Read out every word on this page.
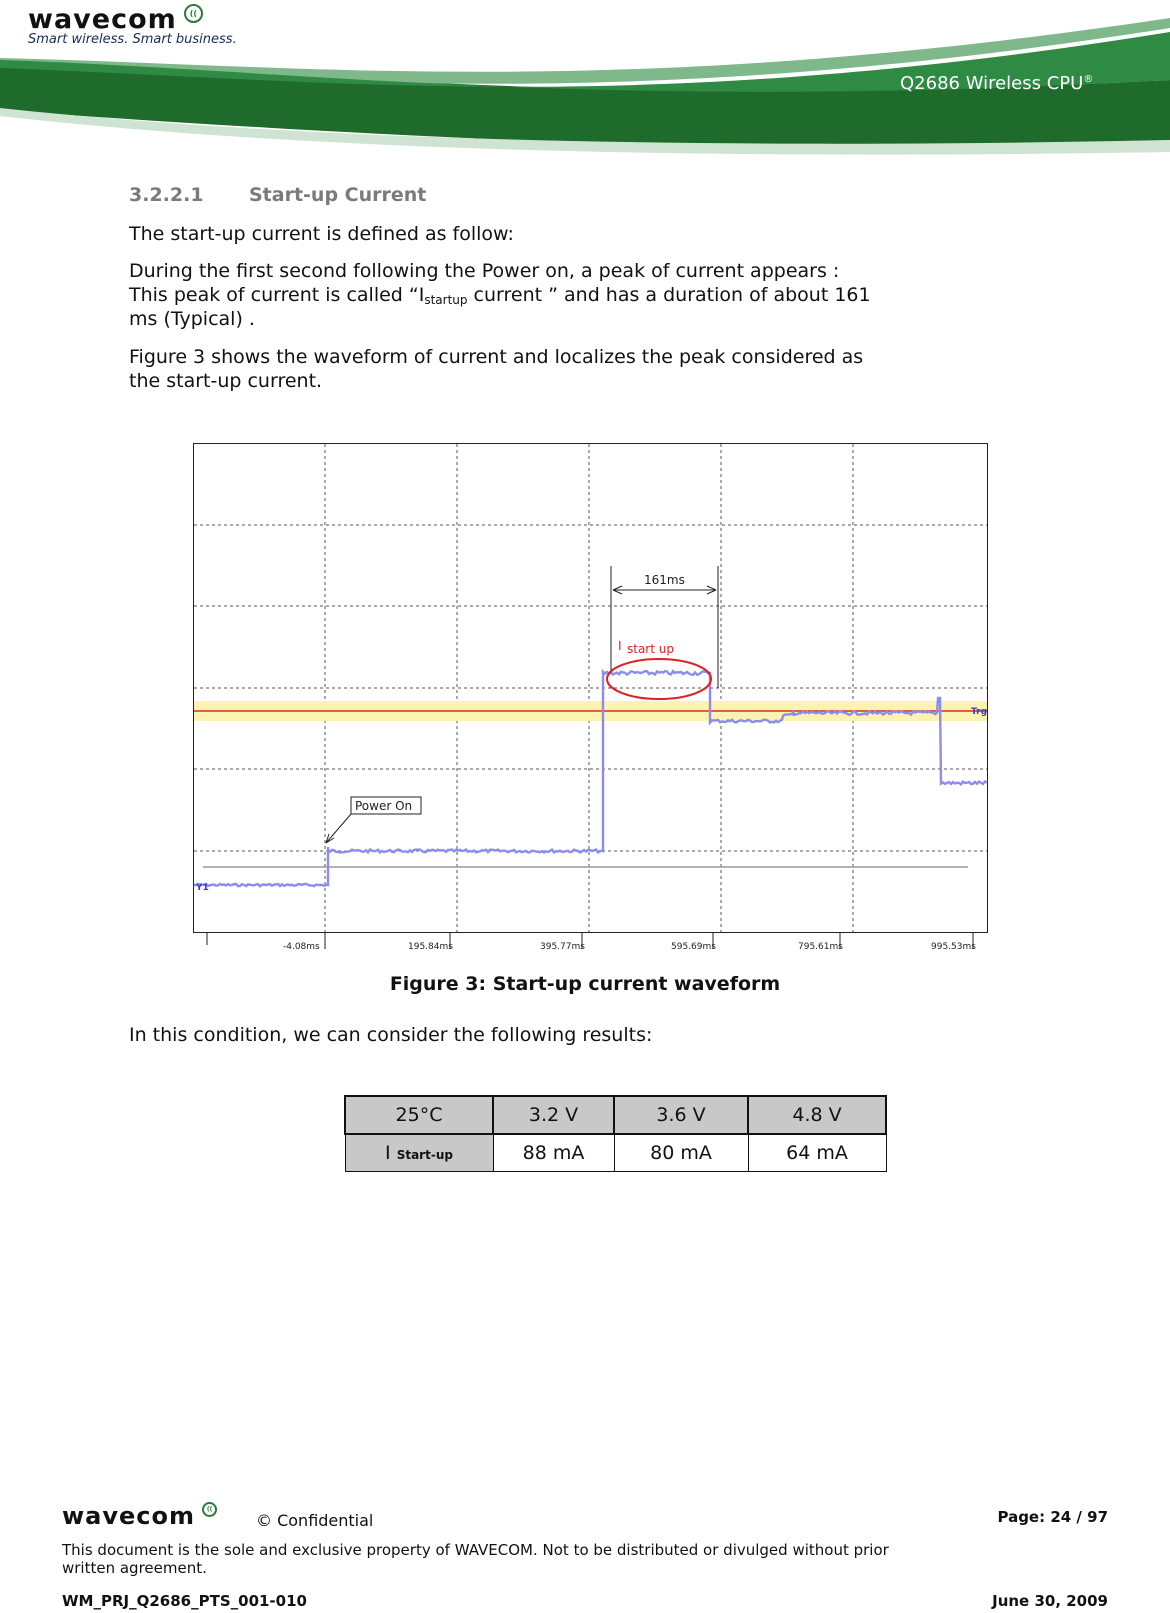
wavecom ((
Smart wireless. Smart business.
Q2686 Wireless CPU®
3.2.2.1 Start-up Current
The start-up current is defined as follow:
During the first second following the Power on, a peak of current appears :
This peak of current is called “$I_{startup}$ current ” and has a duration of about 161
ms (Typical) .
Figure 3 shows the waveform of current and localizes the peak considered as
the start-up current.
Trg
Y1
161ms
I start up
Power On
-4.08ms	195.84ms	395.77ms	595.69ms	795.61ms	995.53ms
Figure 3: Start-up current waveform
In this condition, we can consider the following results:
25°C	3.2 V	3.6 V	4.8 V
I Start-up	88 mA	80 mA	64 mA
wavecom ((
© Confidential	Page: 24 / 97
This document is the sole and exclusive property of WAVECOM. Not to be distributed or divulged without prior
written agreement.
WM_PRJ_Q2686_PTS_001-010	June 30, 2009
